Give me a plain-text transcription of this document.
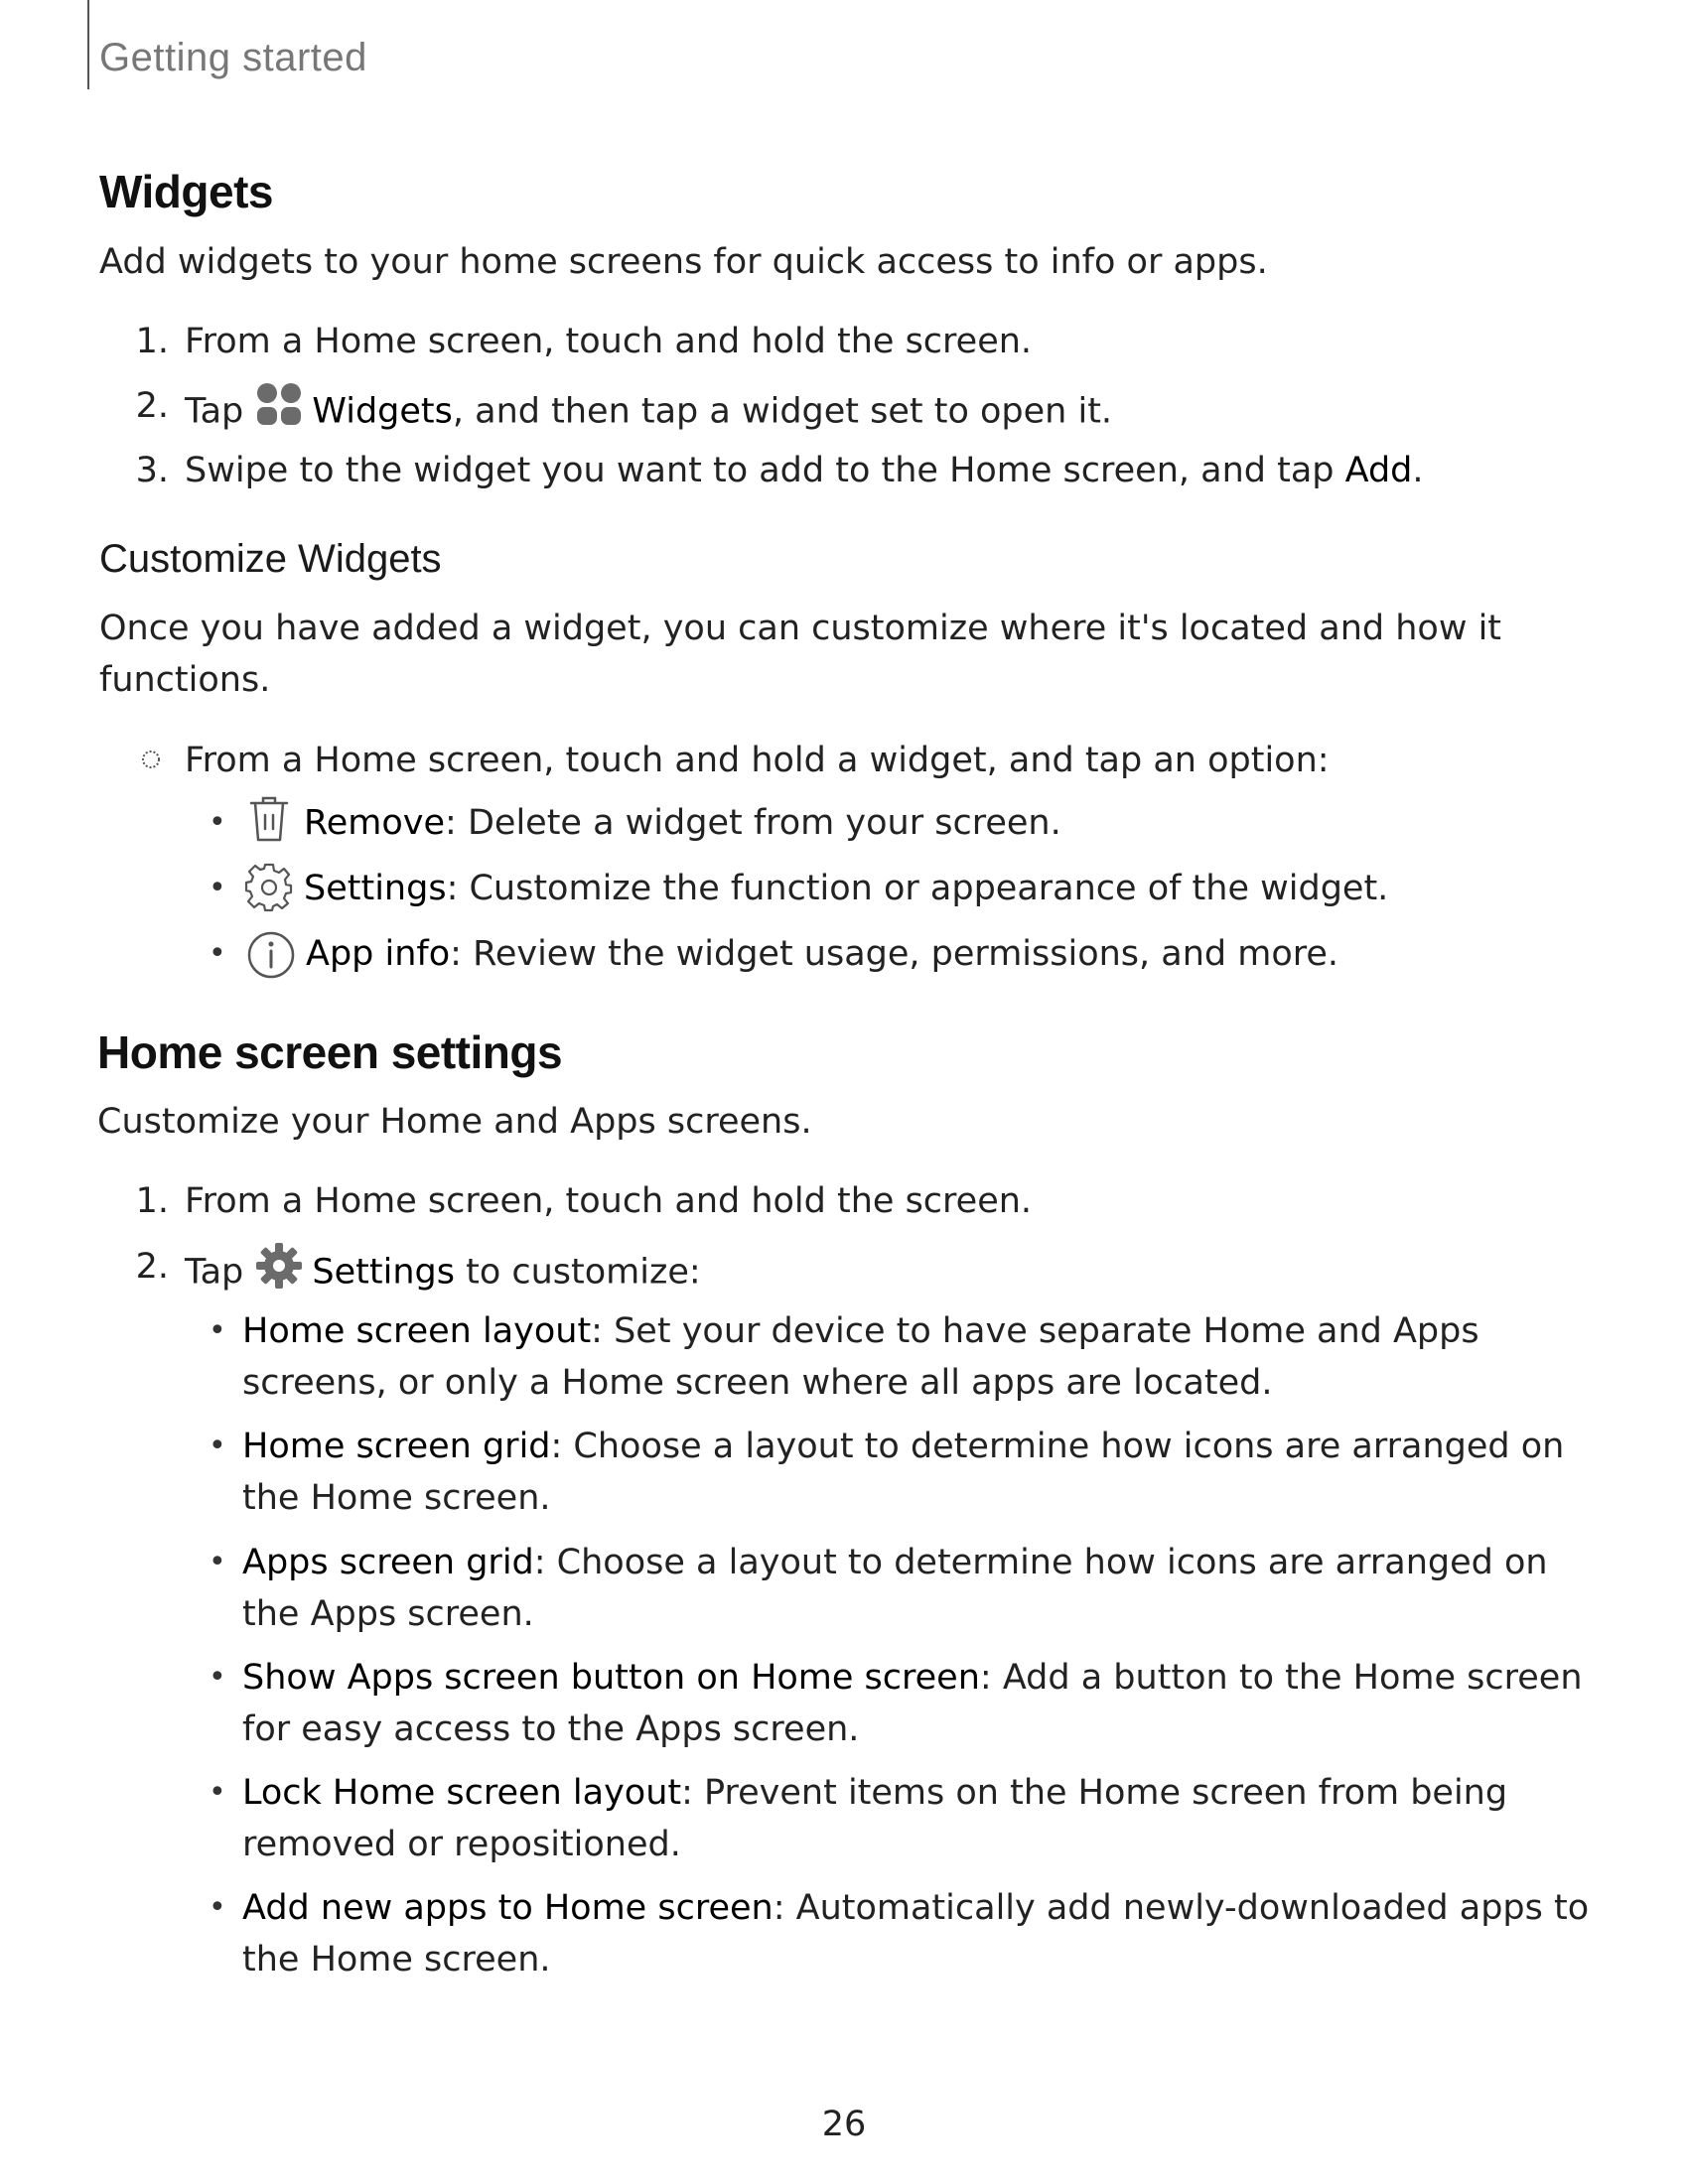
Getting started
Widgets
Add widgets to your home screens for quick access to info or apps.
1. From a Home screen, touch and hold the screen.
2. Tap Widgets, and then tap a widget set to open it.
3. Swipe to the widget you want to add to the Home screen, and tap Add.
Customize Widgets
Once you have added a widget, you can customize where it's located and how it
functions.
From a Home screen, touch and hold a widget, and tap an option:
• Remove: Delete a widget from your screen.
• Settings: Customize the function or appearance of the widget.
• App info: Review the widget usage, permissions, and more.
Home screen settings
Customize your Home and Apps screens.
1. From a Home screen, touch and hold the screen.
2. Tap Settings to customize:
• Home screen layout: Set your device to have separate Home and Apps
screens, or only a Home screen where all apps are located.
• Home screen grid: Choose a layout to determine how icons are arranged on
the Home screen.
• Apps screen grid: Choose a layout to determine how icons are arranged on
the Apps screen.
• Show Apps screen button on Home screen: Add a button to the Home screen
for easy access to the Apps screen.
• Lock Home screen layout: Prevent items on the Home screen from being
removed or repositioned.
• Add new apps to Home screen: Automatically add newly-downloaded apps to
the Home screen.
26
